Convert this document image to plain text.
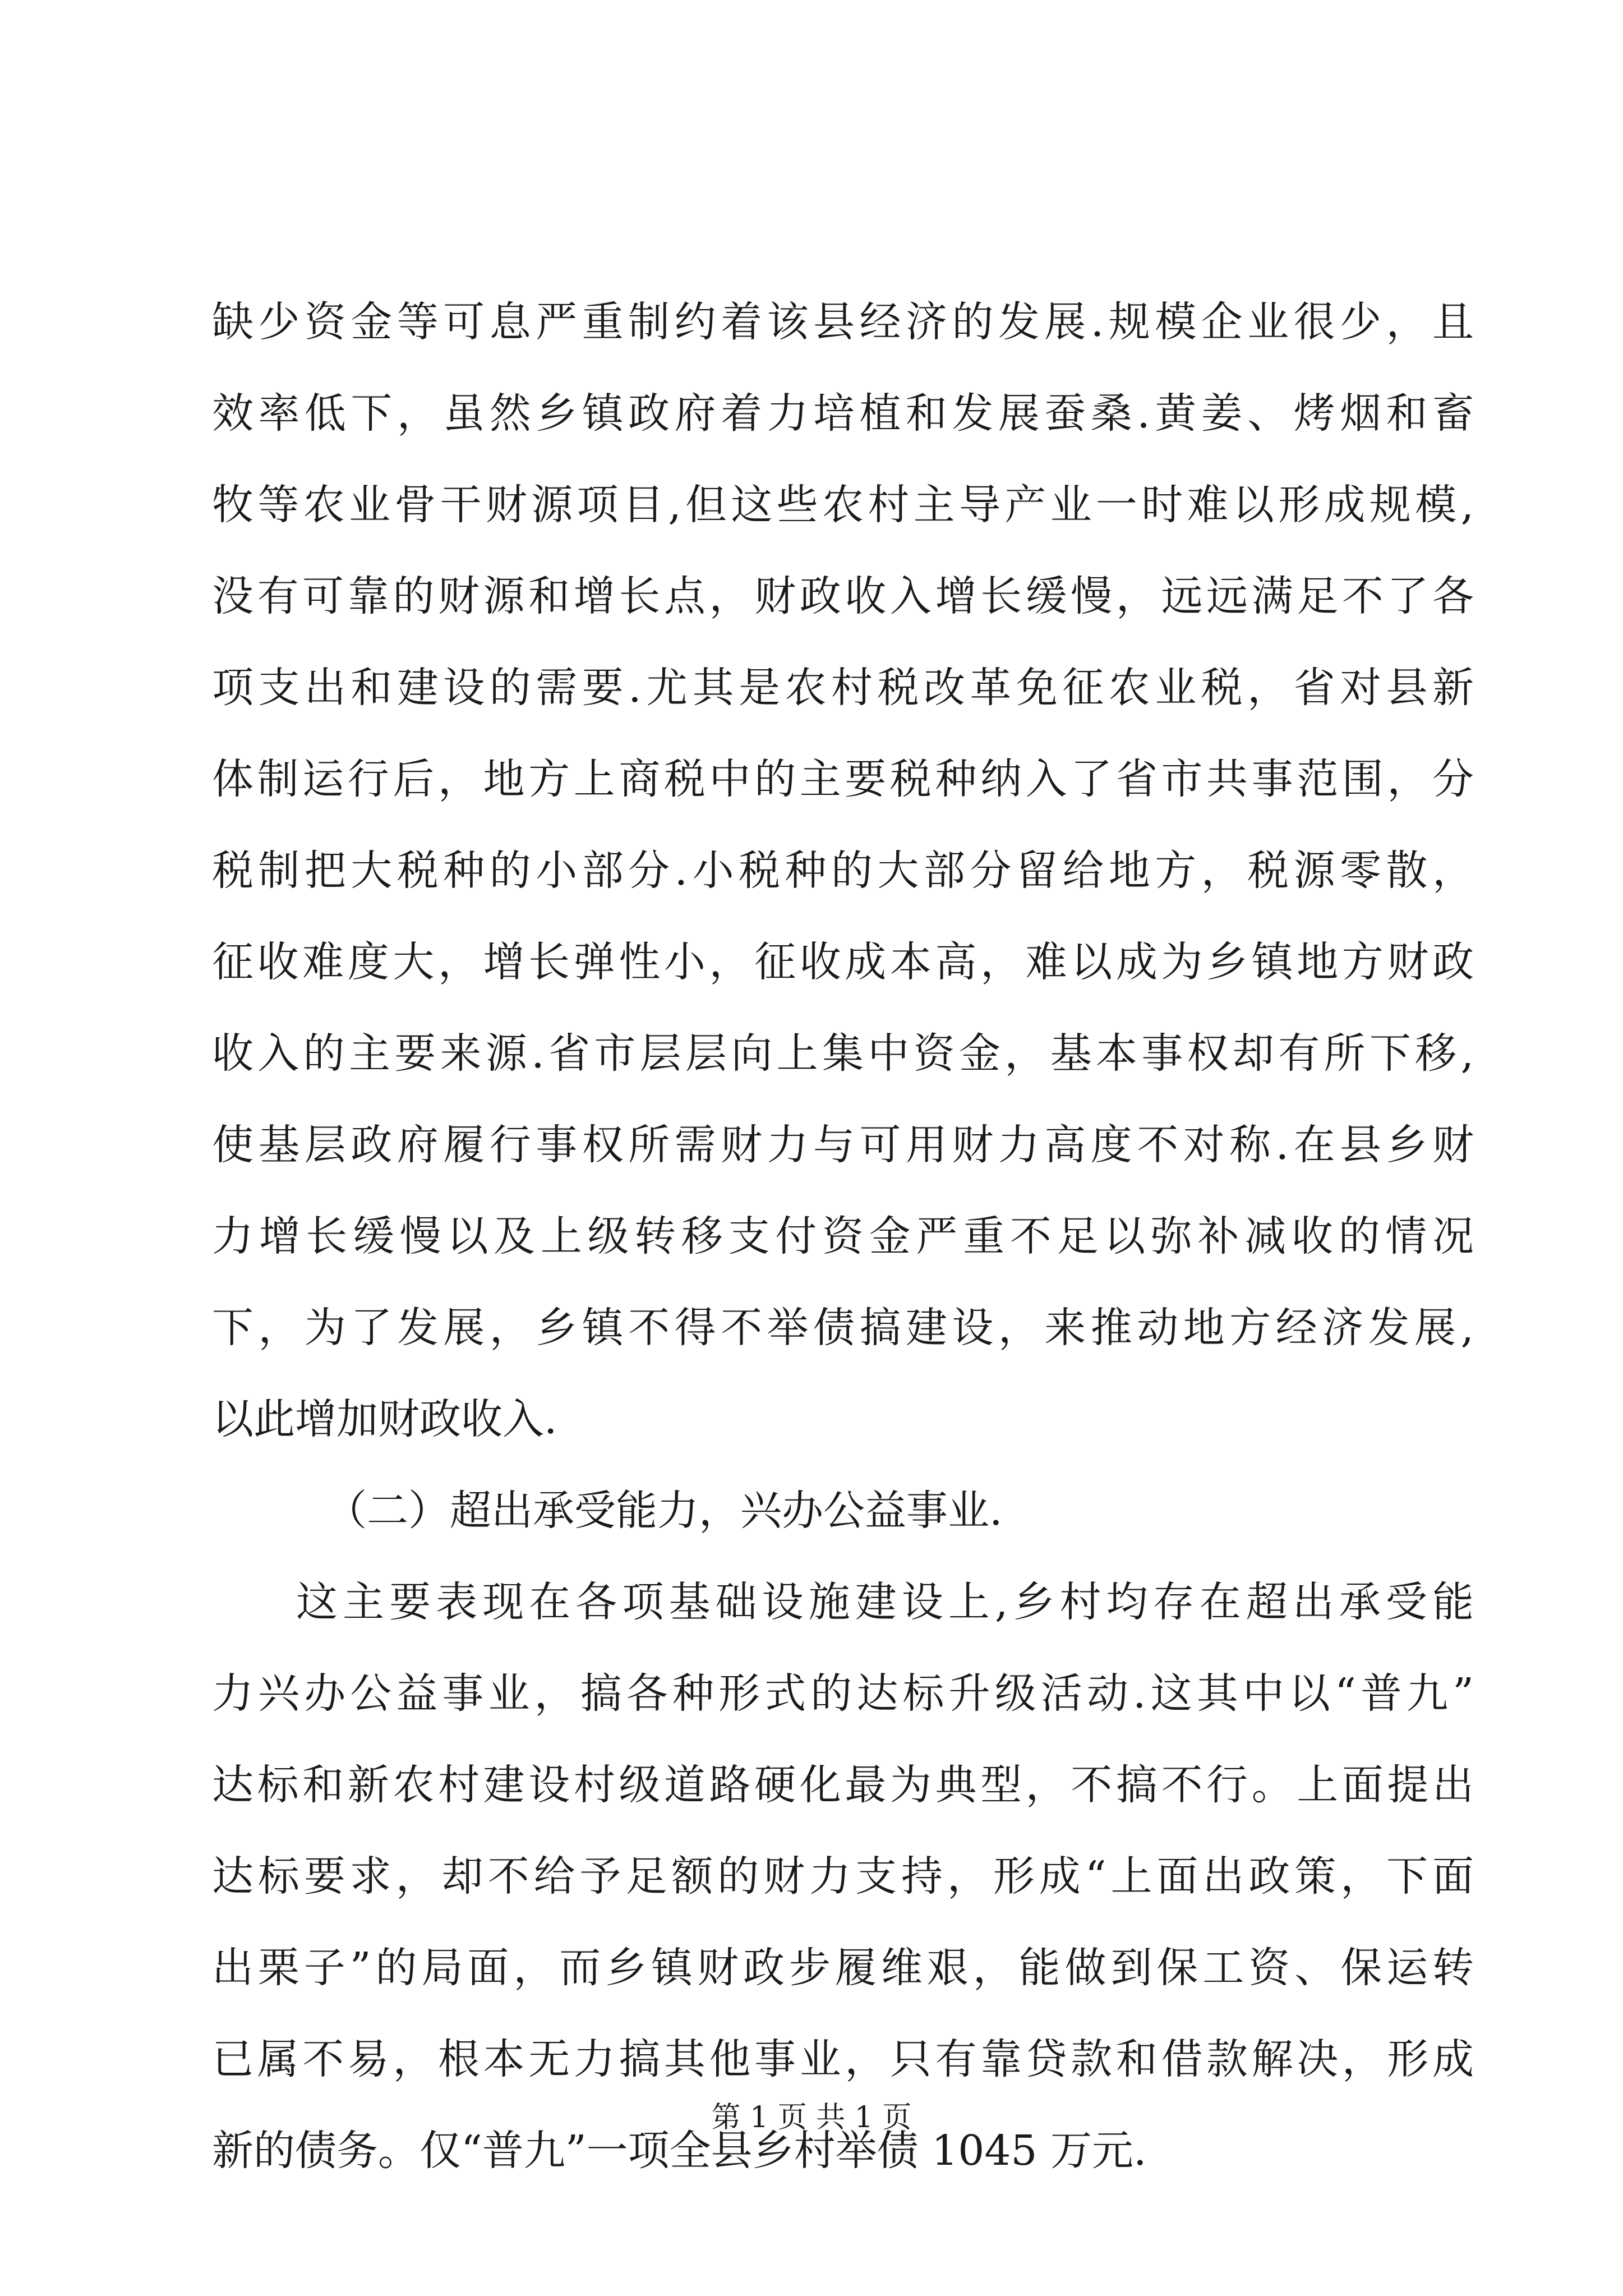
缺少资金等可息严重制约着该县经济的发展.规模企业很少，且
效率低下，虽然乡镇政府着力培植和发展蚕桑.黄姜、烤烟和畜
牧等农业骨干财源项目,但这些农村主导产业一时难以形成规模,
没有可靠的财源和增长点，财政收入增长缓慢，远远满足不了各
项支出和建设的需要.尤其是农村税改革免征农业税，省对县新
体制运行后，地方上商税中的主要税种纳入了省市共事范围，分
税制把大税种的小部分.小税种的大部分留给地方，税源零散，
征收难度大，增长弹性小，征收成本高，难以成为乡镇地方财政
收入的主要来源.省市层层向上集中资金，基本事权却有所下移,
使基层政府履行事权所需财力与可用财力高度不对称.在县乡财
力增长缓慢以及上级转移支付资金严重不足以弥补减收的情况
下，为了发展，乡镇不得不举债搞建设，来推动地方经济发展,
以此增加财政收入.
（二）超出承受能力，兴办公益事业.
这主要表现在各项基础设施建设上,乡村均存在超出承受能
力兴办公益事业，搞各种形式的达标升级活动.这其中以“普九”
达标和新农村建设村级道路硬化最为典型，不搞不行。上面提出
达标要求，却不给予足额的财力支持，形成“上面出政策，下面
出栗子”的局面，而乡镇财政步履维艰，能做到保工资、保运转
已属不易，根本无力搞其他事业，只有靠贷款和借款解决，形成
新的债务。仅“普九”一项全县乡村举债 1045 万元.
第 1 页 共 1 页
